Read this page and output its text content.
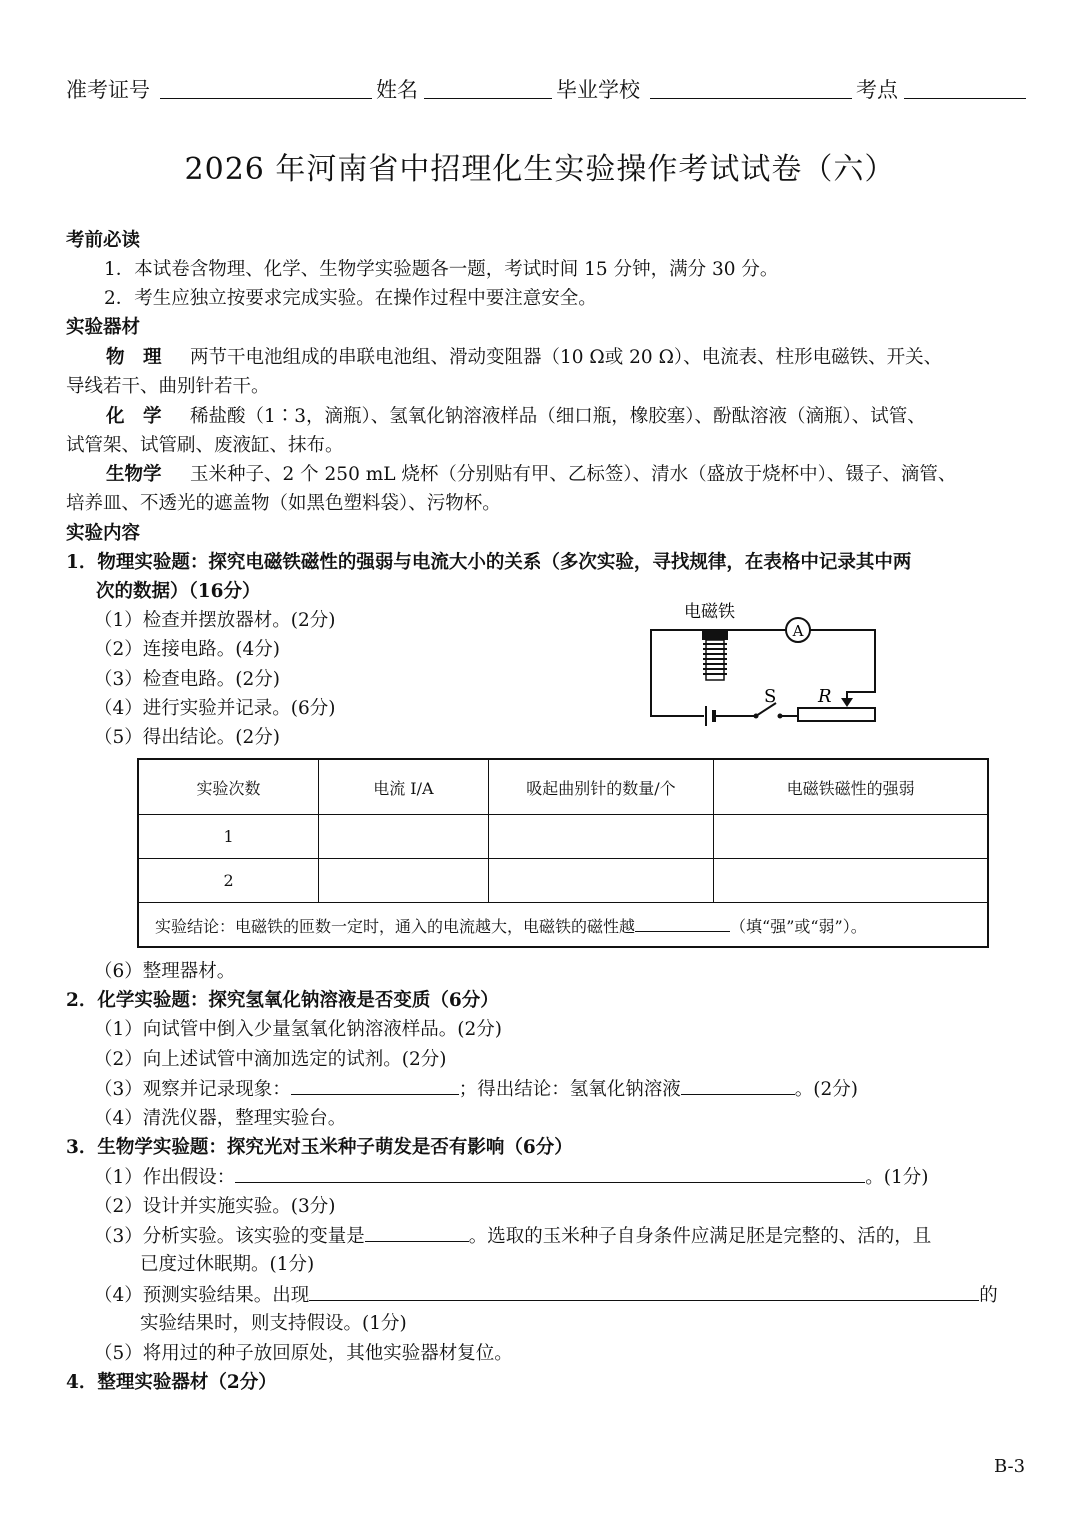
准考证号	姓名	毕业学校	考点
2026 年河南省中招理化生实验操作考试试卷（六）
考前必读
1．本试卷含物理、化学、生物学实验题各一题，考试时间 15 分钟，满分 30 分。
2．考生应独立按要求完成实验。在操作过程中要注意安全。
实验器材
物　理 两节干电池组成的串联电池组、滑动变阻器（10 Ω或 20 Ω）、电流表、柱形电磁铁、开关、
导线若干、曲别针若干。
化　学 稀盐酸（1∶3，滴瓶）、氢氧化钠溶液样品（细口瓶，橡胶塞）、酚酞溶液（滴瓶）、试管、
试管架、试管刷、废液缸、抹布。
生物学 玉米种子、2 个 250 mL 烧杯（分别贴有甲、乙标签）、清水（盛放于烧杯中）、镊子、滴管、
培养皿、不透光的遮盖物（如黑色塑料袋）、污物杯。
实验内容
1．物理实验题：探究电磁铁磁性的强弱与电流大小的关系（多次实验，寻找规律，在表格中记录其中两
次的数据）（16分）
（1）检查并摆放器材。(2分)
（2）连接电路。(4分)
（3）检查电路。(2分)
（4）进行实验并记录。(6分)
（5）得出结论。(2分)
电磁铁
A
S R
实验次数	电流 I/A	吸起曲别针的数量/个	电磁铁磁性的强弱
1			
2			
实验结论：电磁铁的匝数一定时，通入的电流越大，电磁铁的磁性越 （填“强”或“弱”）。			
（6）整理器材。
2．化学实验题：探究氢氧化钠溶液是否变质（6分）
（1）向试管中倒入少量氢氧化钠溶液样品。(2分)
（2）向上述试管中滴加选定的试剂。(2分)
（3）观察并记录现象：	；得出结论：氢氧化钠溶液	。(2分)
（4）清洗仪器，整理实验台。
3．生物学实验题：探究光对玉米种子萌发是否有影响（6分）
（1）作出假设：	。(1分)
（2）设计并实施实验。(3分)
（3）分析实验。该实验的变量是	。选取的玉米种子自身条件应满足胚是完整的、活的，且
已度过休眠期。(1分)
（4）预测实验结果。出现	的
实验结果时，则支持假设。(1分)
（5）将用过的种子放回原处，其他实验器材复位。
4．整理实验器材（2分）
B-3
